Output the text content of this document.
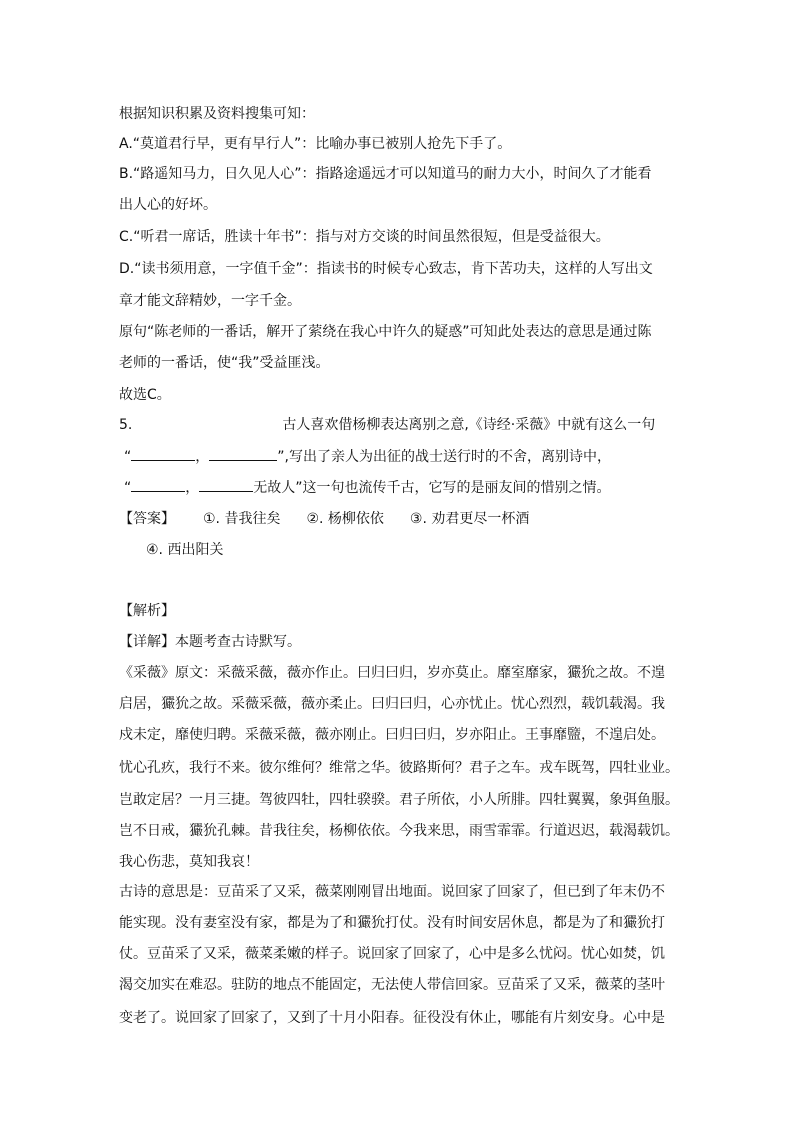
根据知识积累及资料搜集可知：
A.“莫道君行早，更有早行人”：比喻办事已被别人抢先下手了。
B.“路遥知马力，日久见人心”：指路途遥远才可以知道马的耐力大小，时间久了才能看
出人心的好坏。
C.“听君一席话，胜读十年书”：指与对方交谈的时间虽然很短，但是受益很大。
D.“读书须用意，一字值千金”：指读书的时候专心致志，肯下苦功夫，这样的人写出文
章才能文辞精妙，一字千金。
原句“陈老师的一番话，解开了萦绕在我心中许久的疑惑”可知此处表达的意思是通过陈
老师的一番话，使“我”受益匪浅。
故选C。
5.	古人喜欢借杨柳表达离别之意,《诗经·采薇》中就有这么一句
“	，	”,写出了亲人为出征的战士送行时的不舍，离别诗中，
“	，	无故人”这一句也流传千古，它写的是丽友间的惜别之情。
【答案】 ①. 昔我往矣 ②. 杨柳依依 ③. 劝君更尽一杯酒
④. 西出阳关
【解析】
【详解】本题考查古诗默写。
《采薇》原文：采薇采薇，薇亦作止。曰归曰归，岁亦莫止。靡室靡家，玁狁之故。不遑
启居，玁狁之故。采薇采薇，薇亦柔止。曰归曰归，心亦忧止。忧心烈烈，载饥载渴。我
戍未定，靡使归聘。采薇采薇，薇亦刚止。曰归曰归，岁亦阳止。王事靡盬，不遑启处。
忧心孔疚，我行不来。彼尔维何？维常之华。彼路斯何？君子之车。戎车既驾，四牡业业。
岂敢定居？一月三捷。驾彼四牡，四牡骙骙。君子所依，小人所腓。四牡翼翼，象弭鱼服。
岂不日戒，玁狁孔棘。昔我往矣，杨柳依依。今我来思，雨雪霏霏。行道迟迟，载渴载饥。
我心伤悲，莫知我哀！
古诗的意思是：豆苗采了又采，薇菜刚刚冒出地面。说回家了回家了，但已到了年末仍不
能实现。没有妻室没有家，都是为了和玁狁打仗。没有时间安居休息，都是为了和玁狁打
仗。豆苗采了又采，薇菜柔嫩的样子。说回家了回家了，心中是多么忧闷。忧心如焚，饥
渴交加实在难忍。驻防的地点不能固定，无法使人带信回家。豆苗采了又采，薇菜的茎叶
变老了。说回家了回家了，又到了十月小阳春。征役没有休止，哪能有片刻安身。心中是
